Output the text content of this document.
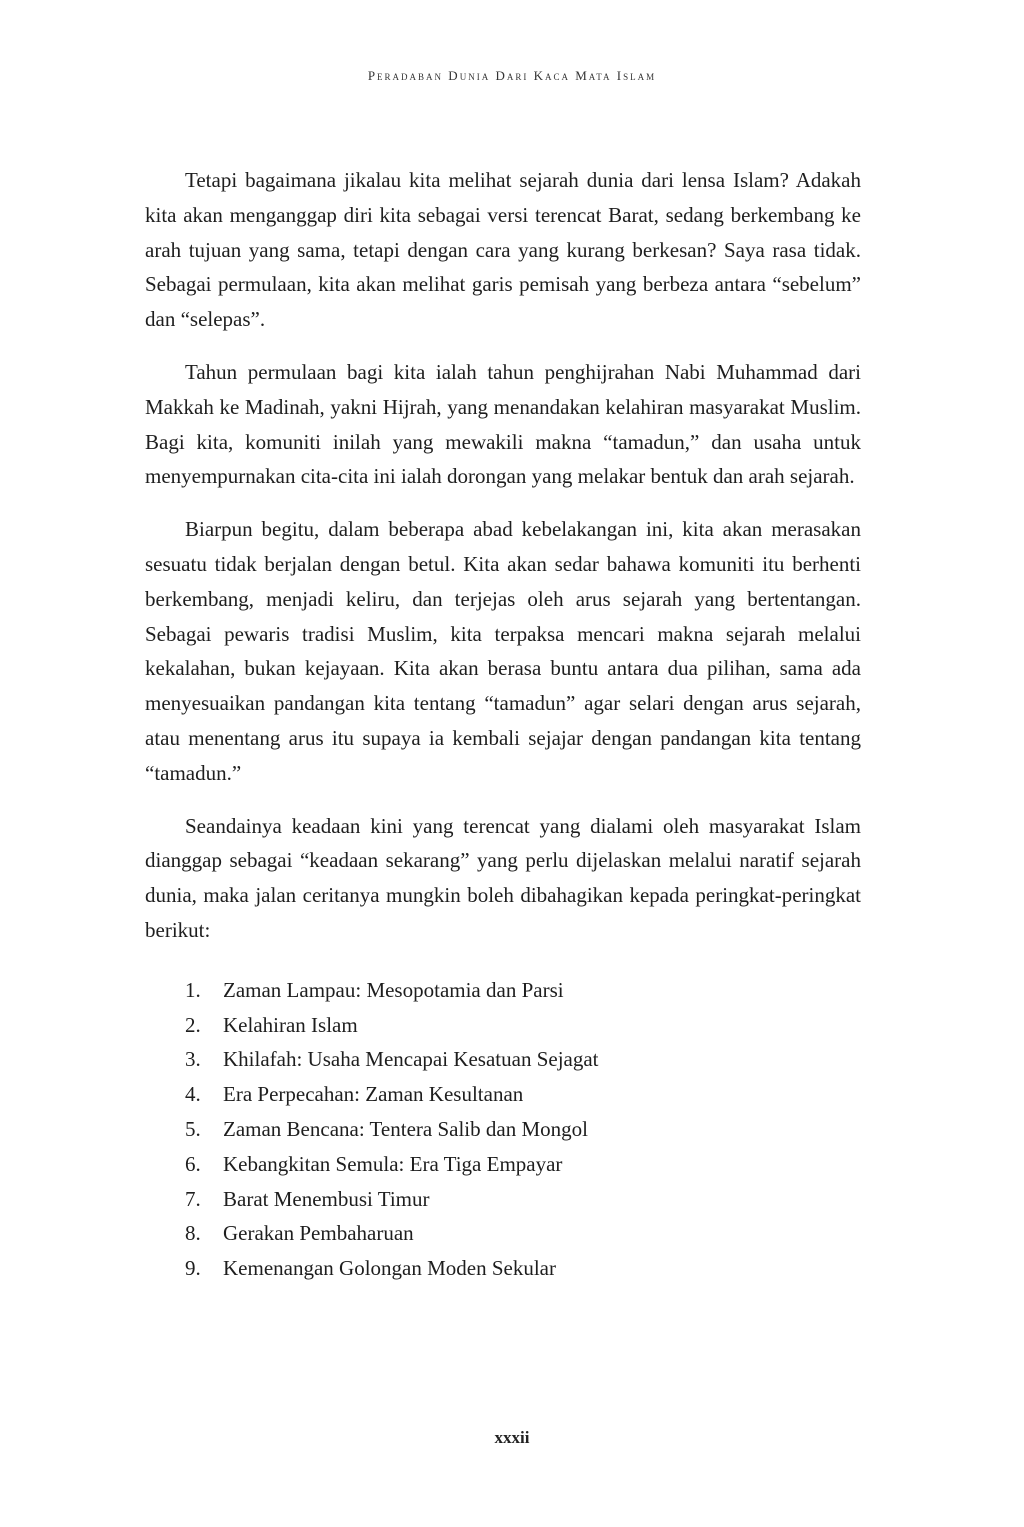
Peradaban Dunia Dari Kaca Mata Islam

Tetapi bagaimana jikalau kita melihat sejarah dunia dari lensa Islam? Adakah kita akan menganggap diri kita sebagai versi terencat Barat, sedang berkembang ke arah tujuan yang sama, tetapi dengan cara yang kurang berkesan? Saya rasa tidak. Sebagai permulaan, kita akan melihat garis pemisah yang berbeza antara “sebelum” dan “selepas”.

Tahun permulaan bagi kita ialah tahun penghijrahan Nabi Muhammad dari Makkah ke Madinah, yakni Hijrah, yang menandakan kelahiran masyarakat Muslim. Bagi kita, komuniti inilah yang mewakili makna “tamadun,” dan usaha untuk menyempurnakan cita-cita ini ialah dorongan yang melakar bentuk dan arah sejarah.

Biarpun begitu, dalam beberapa abad kebelakangan ini, kita akan merasakan sesuatu tidak berjalan dengan betul. Kita akan sedar bahawa komuniti itu berhenti berkembang, menjadi keliru, dan terjejas oleh arus sejarah yang bertentangan. Sebagai pewaris tradisi Muslim, kita terpaksa mencari makna sejarah melalui kekalahan, bukan kejayaan. Kita akan berasa buntu antara dua pilihan, sama ada menyesuaikan pandangan kita tentang “tamadun” agar selari dengan arus sejarah, atau menentang arus itu supaya ia kembali sejajar dengan pandangan kita tentang “tamadun.”

Seandainya keadaan kini yang terencat yang dialami oleh masyarakat Islam dianggap sebagai “keadaan sekarang” yang perlu dijelaskan melalui naratif sejarah dunia, maka jalan ceritanya mungkin boleh dibahagikan kepada peringkat-peringkat berikut:

1. Zaman Lampau: Mesopotamia dan Parsi
2. Kelahiran Islam
3. Khilafah: Usaha Mencapai Kesatuan Sejagat
4. Era Perpecahan: Zaman Kesultanan
5. Zaman Bencana: Tentera Salib dan Mongol
6. Kebangkitan Semula: Era Tiga Empayar
7. Barat Menembusi Timur
8. Gerakan Pembaharuan
9. Kemenangan Golongan Moden Sekular
xxxii
